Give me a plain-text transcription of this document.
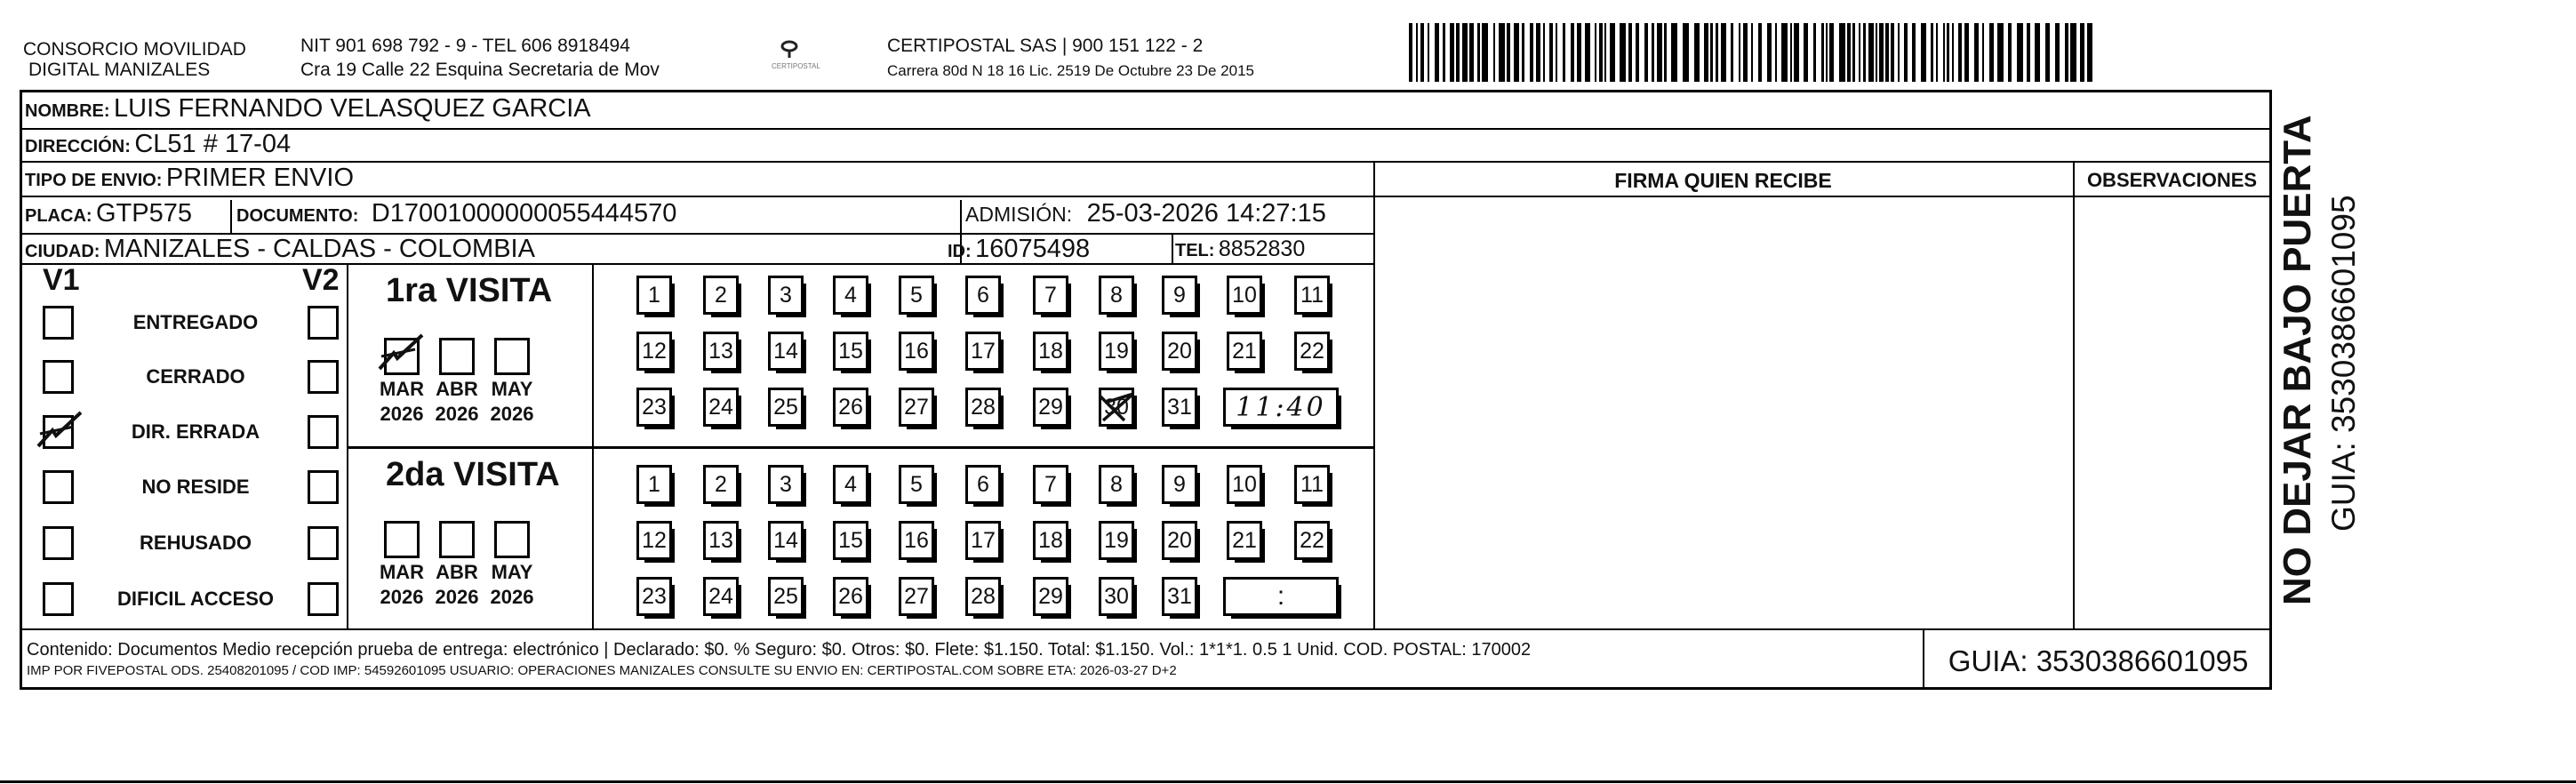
CONSORCIO MOVILIDAD
DIGITAL MANIZALES
NIT 901 698 792 - 9 - TEL 606 8918494
Cra 19 Calle 22 Esquina Secretaria de Mov	CERTIPOSTAL
CERTIPOSTAL SAS | 900 151 122 - 2
Carrera 80d N 18 16 Lic. 2519 De Octubre 23 De 2015
NOMBRE: LUIS FERNANDO VELASQUEZ GARCIA
DIRECCIÓN: CL51 # 17-04
TIPO DE ENVIO: PRIMER ENVIO	FIRMA QUIEN RECIBE	OBSERVACIONES
PLACA: GTP575	DOCUMENTO: D17001000000055444570	ADMISIÓN: 25-03-2026 14:27:15
CIUDAD: MANIZALES - CALDAS - COLOMBIA	ID: 16075498	TEL: 8852830
V1	V2
ENTREGADO
CERRADO
DIR. ERRADA
NO RESIDE
REHUSADO
DIFICIL ACCESO
1ra VISITA
2da VISITA
MAR
2026
ABR
2026
MAY
2026
MAR
2026
ABR
2026
MAY
2026
1	2	3	4	5	6	7	8	9	10 11
12 13 14 15 16 17 18 19 20 21 22
23 24 25 26 27 28 29 30 31	11:40
1	2	3	4	5	6	7	8	9	10 11
12 13 14 15 16 17 18 19 20 21 22
23 24 25 26 27 28 29 30 31	:
Contenido: Documentos Medio recepción prueba de entrega: electrónico | Declarado: $0. % Seguro: $0. Otros: $0. Flete: $1.150. Total: $1.150. Vol.: 1*1*1. 0.5 1 Unid. COD. POSTAL: 170002
IMP POR FIVEPOSTAL ODS. 25408201095 / COD IMP: 54592601095 USUARIO: OPERACIONES MANIZALES CONSULTE SU ENVIO EN: CERTIPOSTAL.COM SOBRE ETA: 2026-03-27 D+2	GUIA: 3530386601095
NO DEJAR BAJO PUERTA GUIA: 3530386601095
